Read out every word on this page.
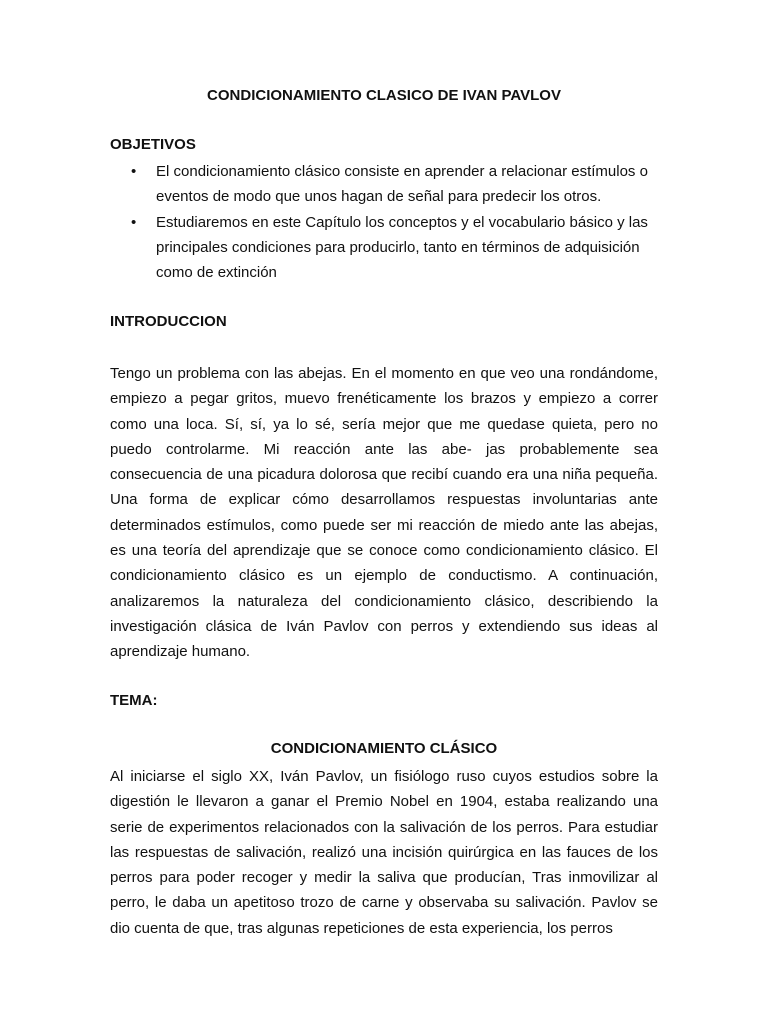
CONDICIONAMIENTO CLASICO DE IVAN PAVLOV
OBJETIVOS
• El condicionamiento clásico consiste en aprender a relacionar estímulos o eventos de modo que unos hagan de señal para predecir los otros.
• Estudiaremos en este Capítulo los conceptos y el vocabulario básico y las principales condiciones para producirlo, tanto en términos de adquisición como de extinción
INTRODUCCION

Tengo un problema con las abejas. En el momento en que veo una rondándome, empiezo a pegar gritos, muevo frenéticamente los brazos y empiezo a correr como una loca. Sí, sí, ya lo sé, sería mejor que me quedase quieta, pero no puedo controlarme. Mi reacción ante las abe- jas probablemente sea consecuencia de una picadura dolorosa que recibí cuando era una niña pequeña. Una forma de explicar cómo desarrollamos respuestas involuntarias ante determinados estímulos, como puede ser mi reacción de miedo ante las abejas, es una teoría del aprendizaje que se conoce como condicionamiento clásico. El condicionamiento clásico es un ejemplo de conductismo. A continuación, analizaremos la naturaleza del condicionamiento clásico, describiendo la investigación clásica de Iván Pavlov con perros y extendiendo sus ideas al aprendizaje humano.

TEMA:
CONDICIONAMIENTO CLÁSICO

Al iniciarse el siglo XX, Iván Pavlov, un fisiólogo ruso cuyos estudios sobre la digestión le llevaron a ganar el Premio Nobel en 1904, estaba realizando una serie de experimentos relacionados con la salivación de los perros. Para estudiar las respuestas de salivación, realizó una incisión quirúrgica en las fauces de los perros para poder recoger y medir la saliva que producían, Tras inmovilizar al perro, le daba un apetitoso trozo de carne y observaba su salivación. Pavlov se dio cuenta de que, tras algunas repeticiones de esta experiencia, los perros
